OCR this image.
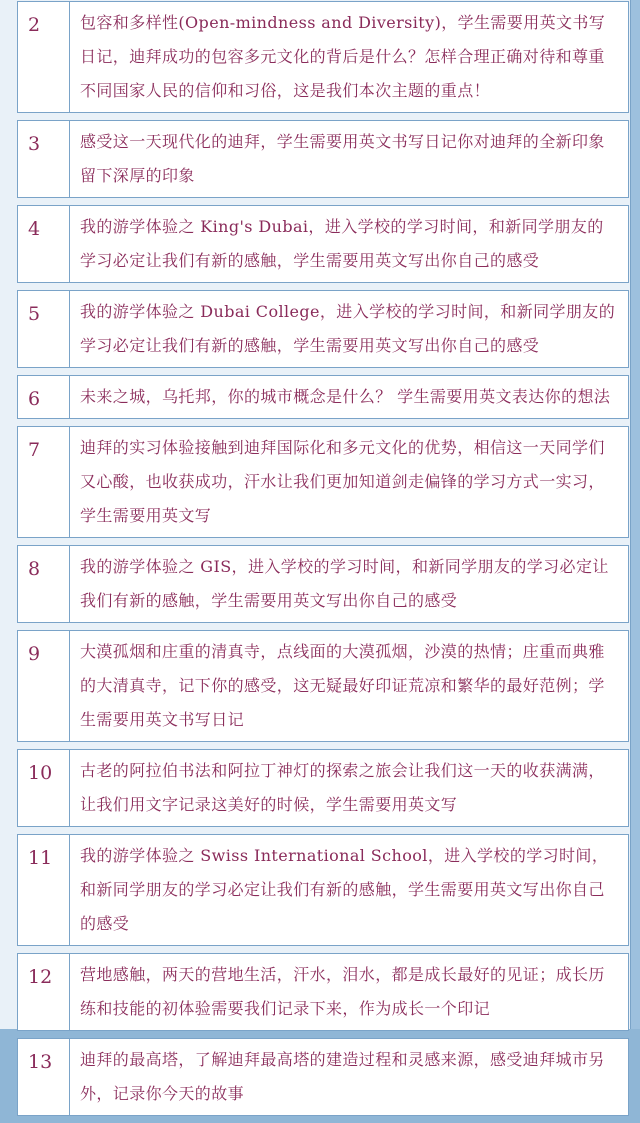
2	包容和多样性(Open-mindness and Diversity)，学生需要用英文书写日记，迪拜成功的包容多元文化的背后是什么？怎样合理正确对待和尊重不同国家人民的信仰和习俗，这是我们本次主题的重点！
3	感受这一天现代化的迪拜，学生需要用英文书写日记你对迪拜的全新印象 留下深厚的印象
4	我的游学体验之 King's Dubai，进入学校的学习时间，和新同学朋友的学习必定让我们有新的感触，学生需要用英文写出你自己的感受
5	我的游学体验之 Dubai College，进入学校的学习时间，和新同学朋友的学习必定让我们有新的感触，学生需要用英文写出你自己的感受
6	未来之城，乌托邦，你的城市概念是什么？ 学生需要用英文表达你的想法
7	迪拜的实习体验接触到迪拜国际化和多元文化的优势，相信这一天同学们又心酸，也收获成功，汗水让我们更加知道剑走偏锋的学习方式一实习，学生需要用英文写
8	我的游学体验之 GIS，进入学校的学习时间，和新同学朋友的学习必定让我们有新的感触，学生需要用英文写出你自己的感受
9	大漠孤烟和庄重的清真寺，点线面的大漠孤烟，沙漠的热情；庄重而典雅的大清真寺，记下你的感受，这无疑最好印证荒凉和繁华的最好范例；学生需要用英文书写日记
10	古老的阿拉伯书法和阿拉丁神灯的探索之旅会让我们这一天的收获满满， 让我们用文字记录这美好的时候，学生需要用英文写
11	我的游学体验之 Swiss International School，进入学校的学习时间，和新同学朋友的学习必定让我们有新的感触，学生需要用英文写出你自己的感受
12	营地感触，两天的营地生活，汗水，泪水，都是成长最好的见证；成长历练和技能的初体验需要我们记录下来，作为成长一个印记
13	迪拜的最高塔，了解迪拜最高塔的建造过程和灵感来源，感受迪拜城市另外，记录你今天的故事
